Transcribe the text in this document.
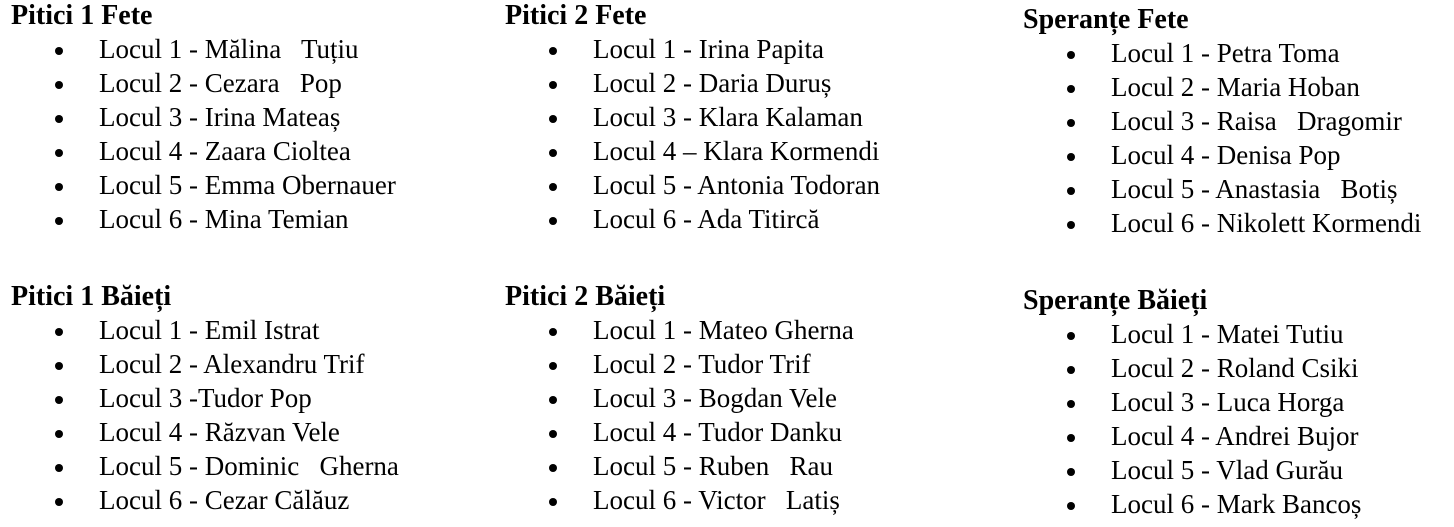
Pitici 1 Fete
Locul 1 - Mălina   Tuțiu
Locul 2 - Cezara   Pop
Locul 3 - Irina Mateaș
Locul 4 - Zaara Cioltea
Locul 5 - Emma Obernauer
Locul 6 - Mina Temian
Pitici 2 Fete
Locul 1 - Irina Papita
Locul 2 - Daria Duruș
Locul 3 - Klara Kalaman
Locul 4 – Klara Kormendi
Locul 5 - Antonia Todoran
Locul 6 - Ada Titircă
Speranțe Fete
Locul 1 - Petra Toma
Locul 2 - Maria Hoban
Locul 3 - Raisa   Dragomir
Locul 4 - Denisa Pop
Locul 5 - Anastasia   Botiș
Locul 6 - Nikolett Kormendi
Pitici 1 Băieți
Locul 1 - Emil Istrat
Locul 2 - Alexandru Trif
Locul 3 -Tudor Pop
Locul 4 - Răzvan Vele
Locul 5 - Dominic   Gherna
Locul 6 - Cezar Călăuz
Pitici 2 Băieți
Locul 1 - Mateo Gherna
Locul 2 - Tudor Trif
Locul 3 - Bogdan Vele
Locul 4 - Tudor Danku
Locul 5 - Ruben   Rau
Locul 6 - Victor   Latiș
Speranțe Băieți
Locul 1 - Matei Tutiu
Locul 2 - Roland Csiki
Locul 3 - Luca Horga
Locul 4 - Andrei Bujor
Locul 5 - Vlad Gurău
Locul 6 - Mark Bancoș
